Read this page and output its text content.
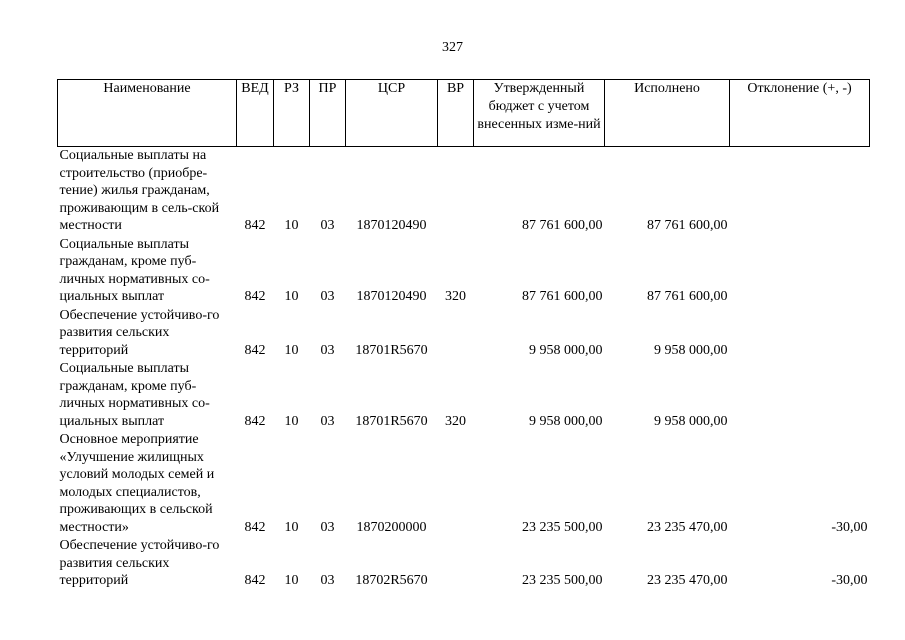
327
Наименование	ВЕД	РЗ	ПР	ЦСР	ВР	Утвержденный бюджет с учетом внесенных изме-ний	Исполнено	Отклонение (+, -)
Социальные выплаты на строительство (приобре-тение) жилья гражданам, проживающим в сель-ской местности	842	10	03	1870120490		87 761 600,00	87 761 600,00	
Социальные выплаты гражданам, кроме пуб-личных нормативных со-циальных выплат	842	10	03	1870120490	320	87 761 600,00	87 761 600,00	
Обеспечение устойчиво-го развития сельских территорий	842	10	03	18701R5670		9 958 000,00	9 958 000,00	
Социальные выплаты гражданам, кроме пуб-личных нормативных со-циальных выплат	842	10	03	18701R5670	320	9 958 000,00	9 958 000,00	
Основное мероприятие «Улучшение жилищных условий молодых семей и молодых специалистов, проживающих в сельской местности»	842	10	03	1870200000		23 235 500,00	23 235 470,00	-30,00
Обеспечение устойчиво-го развития сельских территорий	842	10	03	18702R5670		23 235 500,00	23 235 470,00	-30,00
